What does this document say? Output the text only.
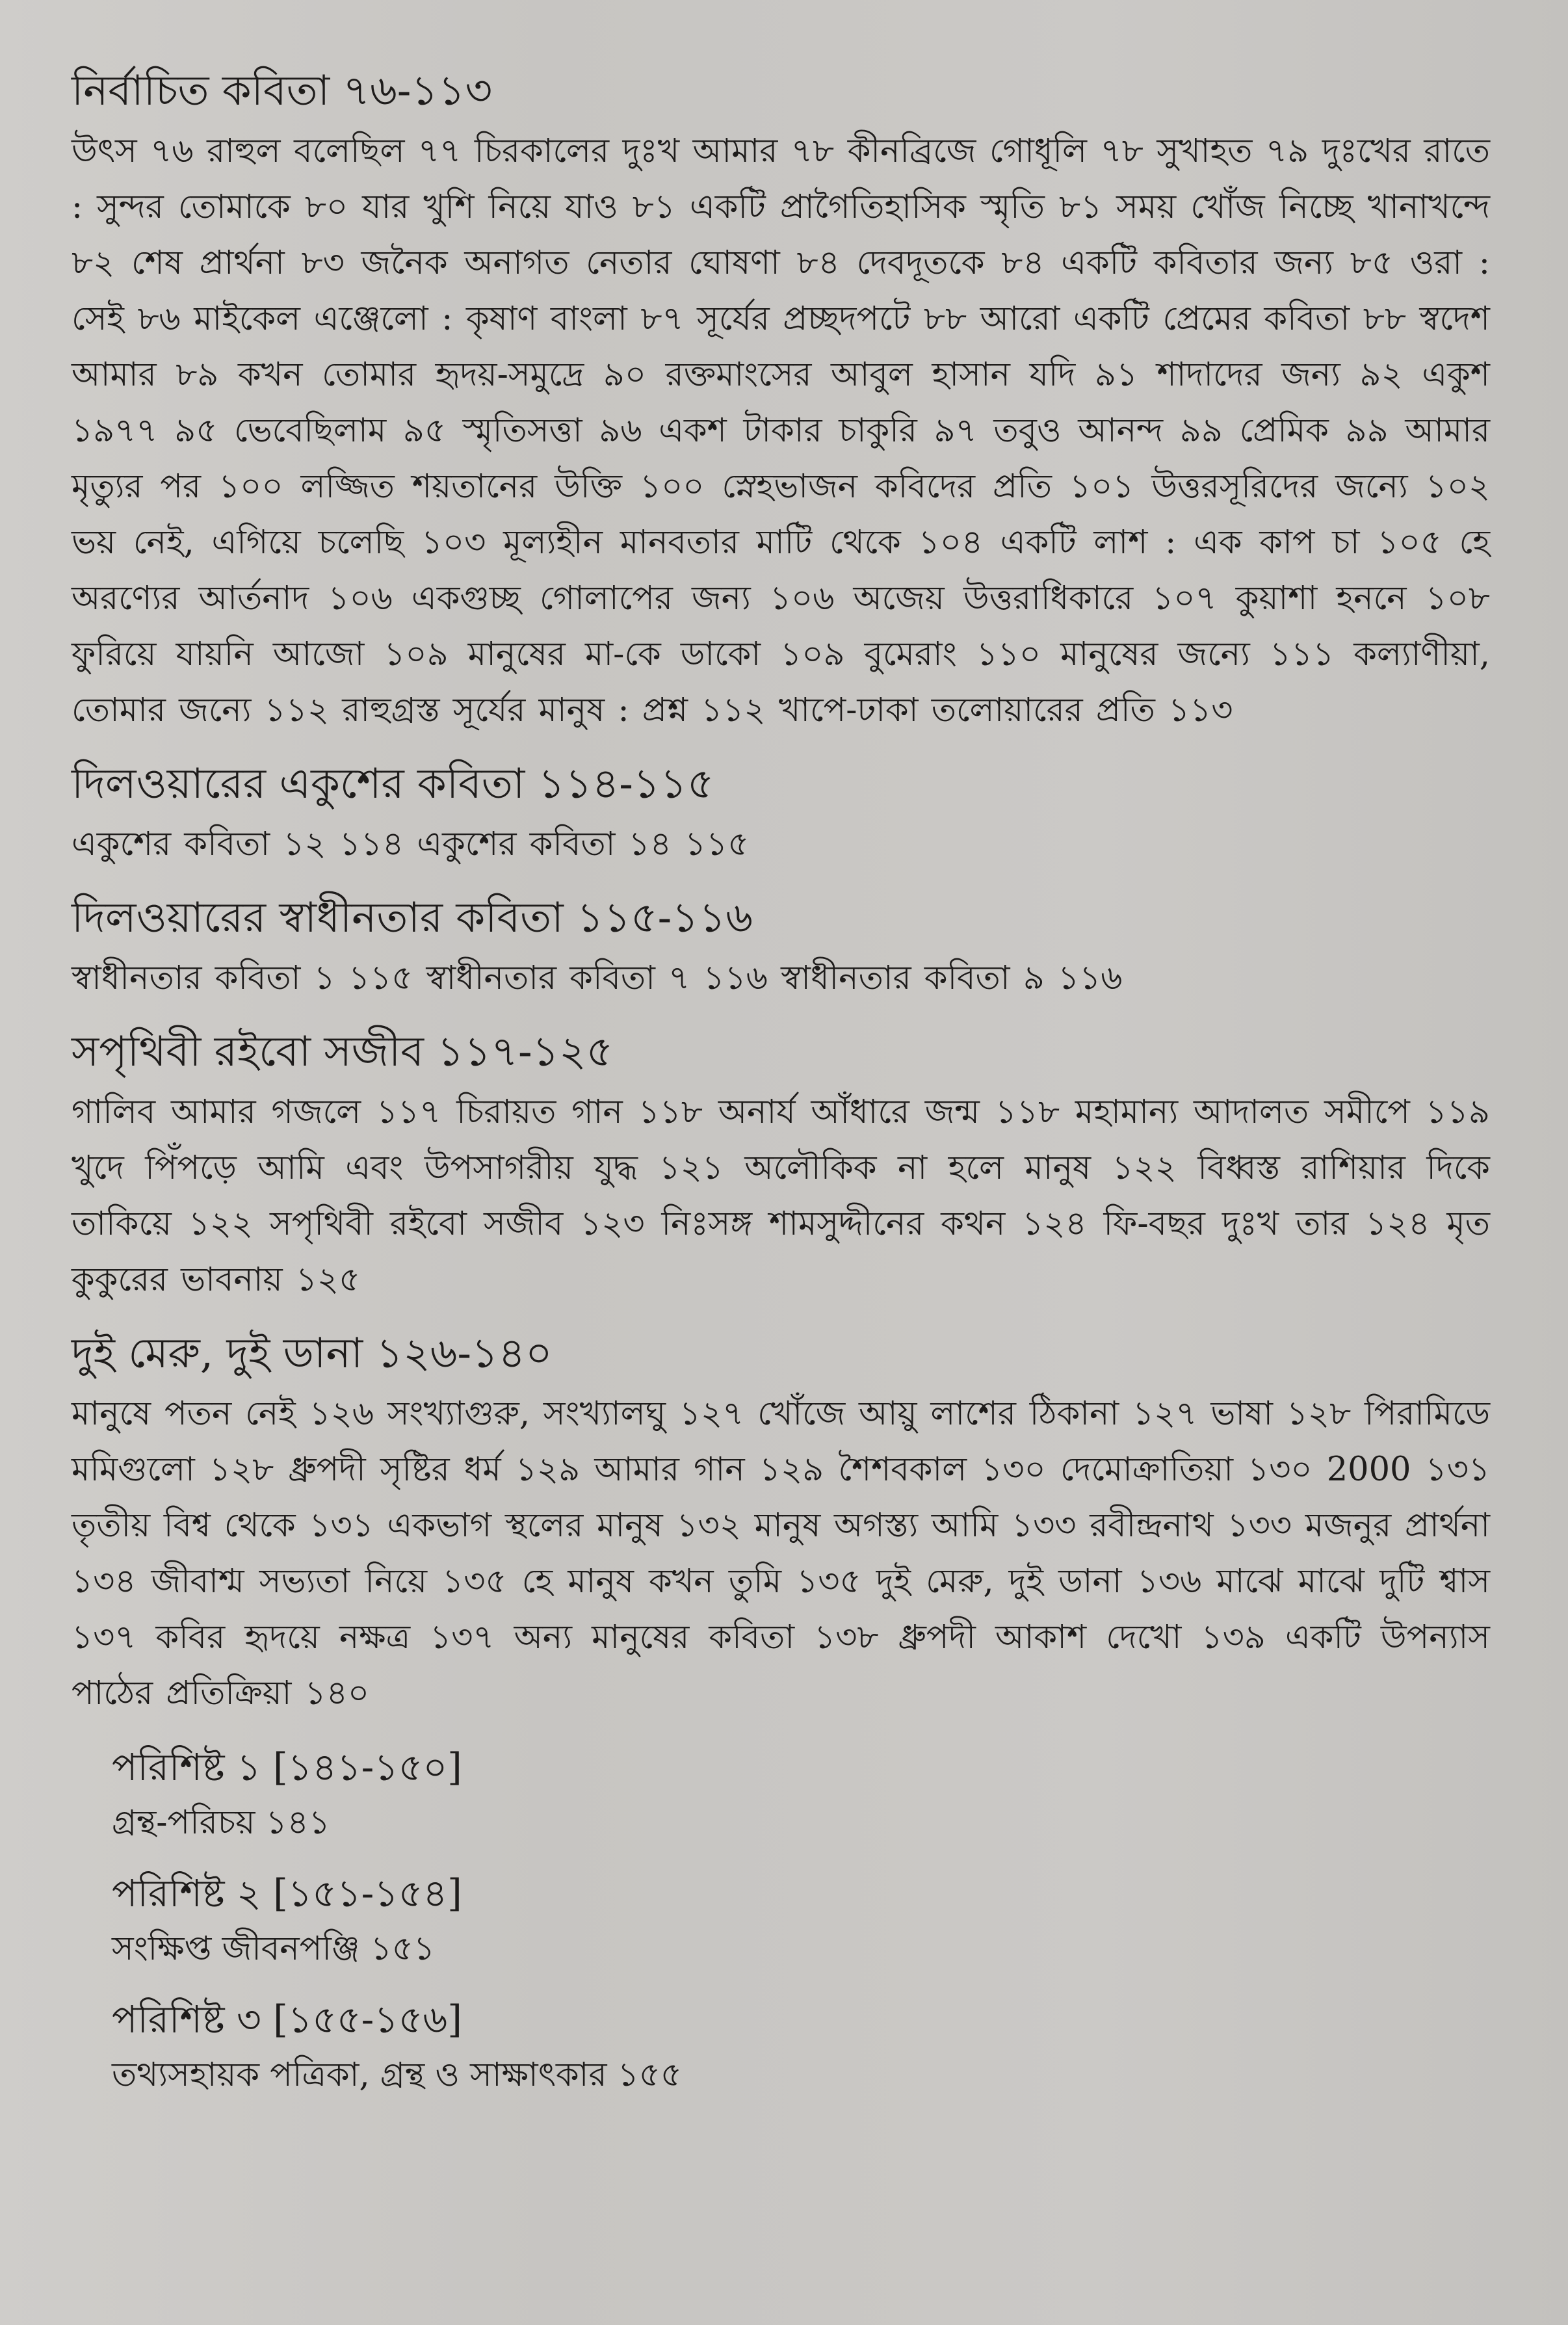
নির্বাচিত কবিতা ৭৬-১১৩

উৎস ৭৬ রাহুল বলেছিল ৭৭ চিরকালের দুঃখ আমার ৭৮ কীনব্রিজে গোধূলি ৭৮ সুখাহত ৭৯ দুঃখের রাতে : সুন্দর তোমাকে ৮০ যার খুশি নিয়ে যাও ৮১ একটি প্রাগৈতিহাসিক স্মৃতি ৮১ সময় খোঁজ নিচ্ছে খানাখন্দে ৮২ শেষ প্রার্থনা ৮৩ জনৈক অনাগত নেতার ঘোষণা ৮৪ দেবদূতকে ৮৪ একটি কবিতার জন্য ৮৫ ওরা : সেই ৮৬ মাইকেল এঞ্জেলো : কৃষাণ বাংলা ৮৭ সূর্যের প্রচ্ছদপটে ৮৮ আরো একটি প্রেমের কবিতা ৮৮ স্বদেশ আমার ৮৯ কখন তোমার হৃদয়-সমুদ্রে ৯০ রক্তমাংসের আবুল হাসান যদি ৯১ শাদাদের জন্য ৯২ একুশ ১৯৭৭ ৯৫ ভেবেছিলাম ৯৫ স্মৃতিসত্তা ৯৬ একশ টাকার চাকুরি ৯৭ তবুও আনন্দ ৯৯ প্রেমিক ৯৯ আমার মৃত্যুর পর ১০০ লজ্জিত শয়তানের উক্তি ১০০ স্নেহভাজন কবিদের প্রতি ১০১ উত্তরসূরিদের জন্যে ১০২ ভয় নেই, এগিয়ে চলেছি ১০৩ মূল্যহীন মানবতার মাটি থেকে ১০৪ একটি লাশ : এক কাপ চা ১০৫ হে অরণ্যের আর্তনাদ ১০৬ একগুচ্ছ গোলাপের জন্য ১০৬ অজেয় উত্তরাধিকারে ১০৭ কুয়াশা হননে ১০৮ ফুরিয়ে যায়নি আজো ১০৯ মানুষের মা-কে ডাকো ১০৯ বুমেরাং ১১০ মানুষের জন্যে ১১১ কল্যাণীয়া, তোমার জন্যে ১১২ রাহুগ্রস্ত সূর্যের মানুষ : প্রশ্ন ১১২ খাপে-ঢাকা তলোয়ারের প্রতি ১১৩

দিলওয়ারের একুশের কবিতা ১১৪-১১৫

একুশের কবিতা ১২ ১১৪ একুশের কবিতা ১৪ ১১৫

দিলওয়ারের স্বাধীনতার কবিতা ১১৫-১১৬

স্বাধীনতার কবিতা ১ ১১৫ স্বাধীনতার কবিতা ৭ ১১৬ স্বাধীনতার কবিতা ৯ ১১৬

সপৃথিবী রইবো সজীব ১১৭-১২৫

গালিব আমার গজলে ১১৭ চিরায়ত গান ১১৮ অনার্য আঁধারে জন্ম ১১৮ মহামান্য আদালত সমীপে ১১৯ খুদে পিঁপড়ে আমি এবং উপসাগরীয় যুদ্ধ ১২১ অলৌকিক না হলে মানুষ ১২২ বিধ্বস্ত রাশিয়ার দিকে তাকিয়ে ১২২ সপৃথিবী রইবো সজীব ১২৩ নিঃসঙ্গ শামসুদ্দীনের কথন ১২৪ ফি-বছর দুঃখ তার ১২৪ মৃত কুকুরের ভাবনায় ১২৫

দুই মেরু, দুই ডানা ১২৬-১৪০

মানুষে পতন নেই ১২৬ সংখ্যাগুরু, সংখ্যালঘু ১২৭ খোঁজে আয়ু লাশের ঠিকানা ১২৭ ভাষা ১২৮ পিরামিডে মমিগুলো ১২৮ ধ্রুপদী সৃষ্টির ধর্ম ১২৯ আমার গান ১২৯ শৈশবকাল ১৩০ দেমোক্রাতিয়া ১৩০ 2000 ১৩১ তৃতীয় বিশ্ব থেকে ১৩১ একভাগ স্থলের মানুষ ১৩২ মানুষ অগস্ত্য আমি ১৩৩ রবীন্দ্রনাথ ১৩৩ মজনুর প্রার্থনা ১৩৪ জীবাশ্ম সভ্যতা নিয়ে ১৩৫ হে মানুষ কখন তুমি ১৩৫ দুই মেরু, দুই ডানা ১৩৬ মাঝে মাঝে দুটি শ্বাস ১৩৭ কবির হৃদয়ে নক্ষত্র ১৩৭ অন্য মানুষের কবিতা ১৩৮ ধ্রুপদী আকাশ দেখো ১৩৯ একটি উপন্যাস পাঠের প্রতিক্রিয়া ১৪০

পরিশিষ্ট ১ [১৪১-১৫০]

গ্রন্থ-পরিচয় ১৪১

পরিশিষ্ট ২ [১৫১-১৫৪]

সংক্ষিপ্ত জীবনপঞ্জি ১৫১

পরিশিষ্ট ৩ [১৫৫-১৫৬]

তথ্যসহায়ক পত্রিকা, গ্রন্থ ও সাক্ষাৎকার ১৫৫
